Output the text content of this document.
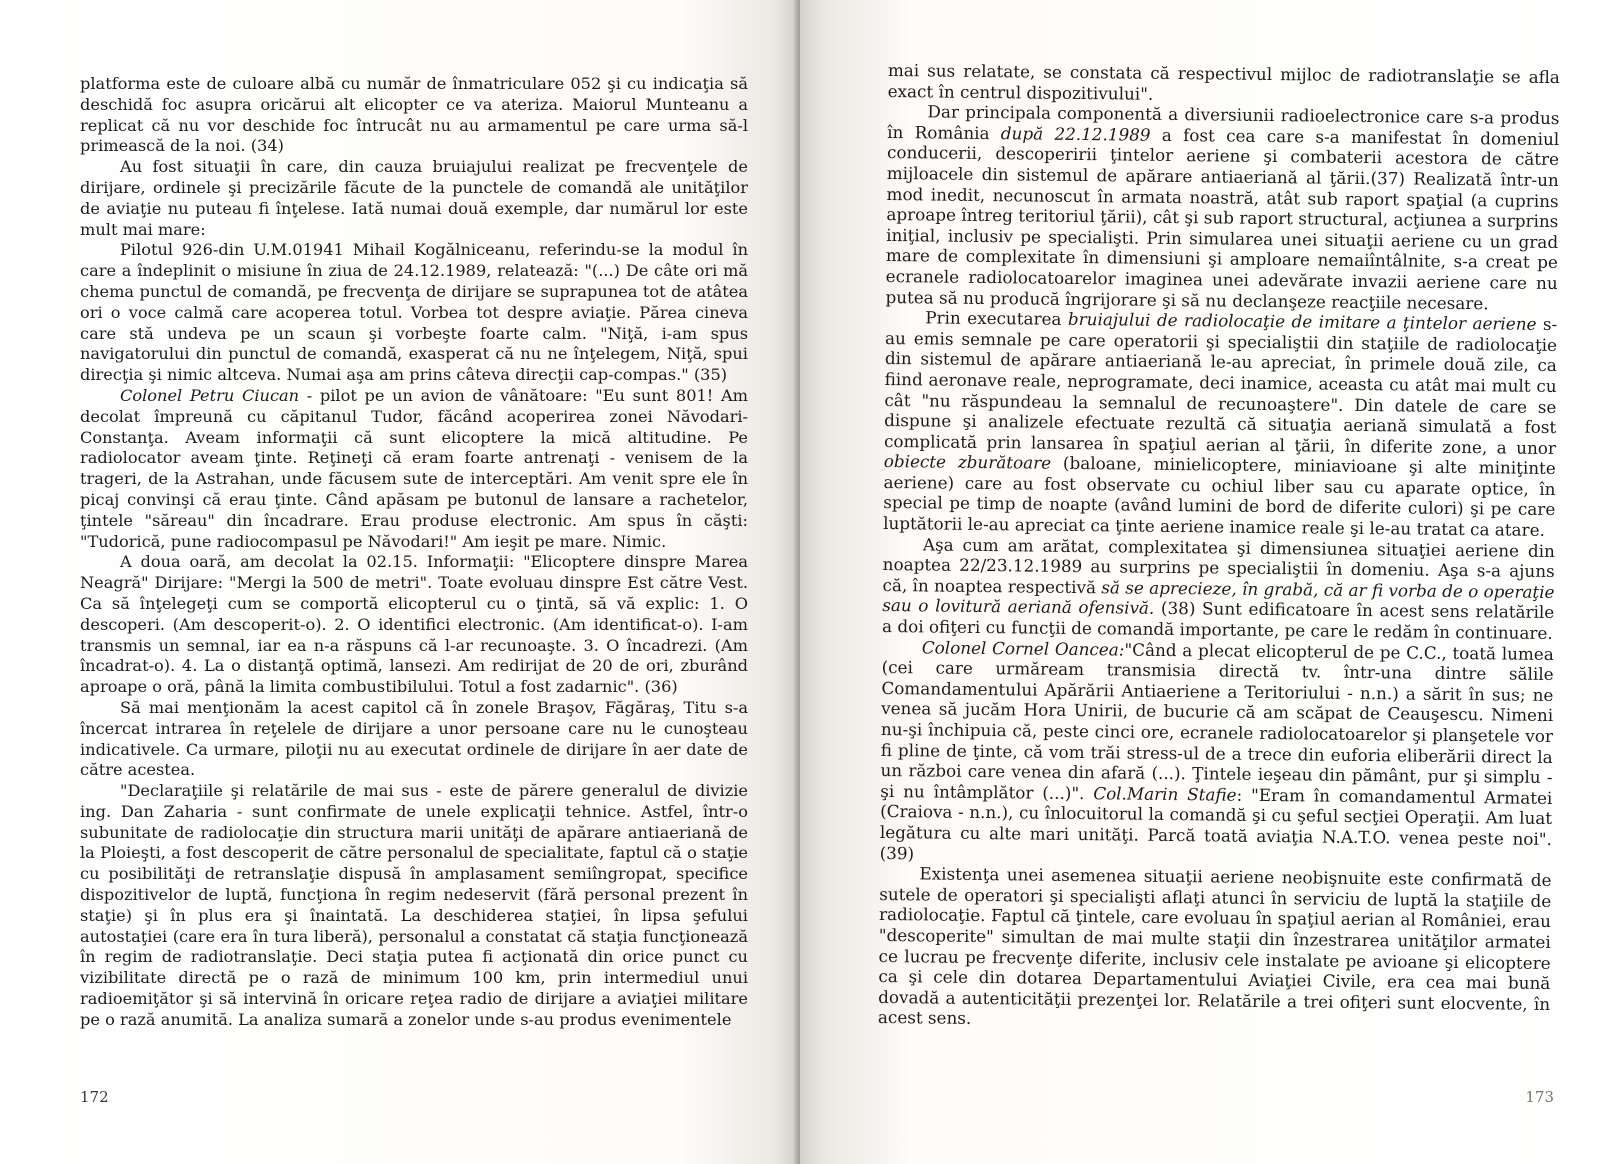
platforma este de culoare albă cu număr de înmatriculare 052 şi cu indicaţia să deschidă foc asupra oricărui alt elicopter ce va ateriza. Maiorul Munteanu a replicat că nu vor deschide foc întrucât nu au armamentul pe care urma să-l primească de la noi. (34)

Au fost situaţii în care, din cauza bruiajului realizat pe frecvenţele de dirijare, ordinele şi precizările făcute de la punctele de comandă ale unităţilor de aviaţie nu puteau fi înţelese. Iată numai două exemple, dar numărul lor este mult mai mare:

Pilotul 926-din U.M.01941 Mihail Kogălniceanu, referindu-se la modul în care a îndeplinit o misiune în ziua de 24.12.1989, relatează: "(...) De câte ori mă chema punctul de comandă, pe frecvenţa de dirijare se suprapunea tot de atâtea ori o voce calmă care acoperea totul. Vorbea tot despre aviaţie. Părea cineva care stă undeva pe un scaun şi vorbeşte foarte calm. "Niţă, i-am spus navigatorului din punctul de comandă, exasperat că nu ne înţelegem, Niţă, spui direcţia şi nimic altceva. Numai aşa am prins câteva direcţii cap-compas." (35)

Colonel Petru Ciucan - pilot pe un avion de vânătoare: "Eu sunt 801! Am decolat împreună cu căpitanul Tudor, făcând acoperirea zonei Năvodari-Constanţa. Aveam informaţii că sunt elicoptere la mică altitudine. Pe radiolocator aveam ţinte. Reţineţi că eram foarte antrenaţi - venisem de la trageri, de la Astrahan, unde făcusem sute de interceptări. Am venit spre ele în picaj convinşi că erau ţinte. Când apăsam pe butonul de lansare a rachetelor, ţintele "săreau" din încadrare. Erau produse electronic. Am spus în căşti: "Tudorică, pune radiocompasul pe Năvodari!" Am ieşit pe mare. Nimic.

A doua oară, am decolat la 02.15. Informaţii: "Elicoptere dinspre Marea Neagră" Dirijare: "Mergi la 500 de metri". Toate evoluau dinspre Est către Vest. Ca să înţelegeţi cum se comportă elicopterul cu o ţintă, să vă explic: 1. O descoperi. (Am descoperit-o). 2. O identifici electronic. (Am identificat-o). I-am transmis un semnal, iar ea n-a răspuns că l-ar recunoaşte. 3. O încadrezi. (Am încadrat-o). 4. La o distanţă optimă, lansezi. Am redirijat de 20 de ori, zburând aproape o oră, până la limita combustibilului. Totul a fost zadarnic". (36)

Să mai menţionăm la acest capitol că în zonele Braşov, Făgăraş, Titu s-a încercat intrarea în reţelele de dirijare a unor persoane care nu le cunoşteau indicativele. Ca urmare, piloţii nu au executat ordinele de dirijare în aer date de către acestea.

"Declaraţiile şi relatările de mai sus - este de părere generalul de divizie ing. Dan Zaharia - sunt confirmate de unele explicaţii tehnice. Astfel, într-o subunitate de radiolocaţie din structura marii unităţi de apărare antiaeriană de la Ploieşti, a fost descoperit de către personalul de specialitate, faptul că o staţie cu posibilităţi de retranslaţie dispusă în amplasament semiîngropat, specifice dispozitivelor de luptă, funcţiona în regim nedeservit (fără personal prezent în staţie) şi în plus era şi înaintată. La deschiderea staţiei, în lipsa şefului autostaţiei (care era în tura liberă), personalul a constatat că staţia funcţionează în regim de radiotranslaţie. Deci staţia putea fi acţionată din orice punct cu vizibilitate directă pe o rază de minimum 100 km, prin intermediul unui radioemiţător şi să intervină în oricare reţea radio de dirijare a aviaţiei militare pe o rază anumită. La analiza sumară a zonelor unde s-au produs evenimentele

172

mai sus relatate, se constata că respectivul mijloc de radiotranslaţie se afla exact în centrul dispozitivului".

Dar principala componentă a diversiunii radioelectronice care s-a produs în România după 22.12.1989 a fost cea care s-a manifestat în domeniul conducerii, descoperirii ţintelor aeriene şi combaterii acestora de către mijloacele din sistemul de apărare antiaeriană al ţării.(37) Realizată într-un mod inedit, necunoscut în armata noastră, atât sub raport spaţial (a cuprins aproape întreg teritoriul ţării), cât şi sub raport structural, acţiunea a surprins iniţial, inclusiv pe specialişti. Prin simularea unei situaţii aeriene cu un grad mare de complexitate în dimensiuni şi amploare nemaiîntâlnite, s-a creat pe ecranele radiolocatoarelor imaginea unei adevărate invazii aeriene care nu putea să nu producă îngrijorare şi să nu declanşeze reacţiile necesare.

Prin executarea bruiajului de radiolocaţie de imitare a ţintelor aeriene s-au emis semnale pe care operatorii şi specialiştii din staţiile de radiolocaţie din sistemul de apărare antiaeriană le-au apreciat, în primele două zile, ca fiind aeronave reale, neprogramate, deci inamice, aceasta cu atât mai mult cu cât "nu răspundeau la semnalul de recunoaştere". Din datele de care se dispune şi analizele efectuate rezultă că situaţia aeriană simulată a fost complicată prin lansarea în spaţiul aerian al ţării, în diferite zone, a unor obiecte zburătoare (baloane, minielicoptere, miniavioane şi alte miniţinte aeriene) care au fost observate cu ochiul liber sau cu aparate optice, în special pe timp de noapte (având lumini de bord de diferite culori) şi pe care luptătorii le-au apreciat ca ţinte aeriene inamice reale şi le-au tratat ca atare.

Aşa cum am arătat, complexitatea şi dimensiunea situaţiei aeriene din noaptea 22/23.12.1989 au surprins pe specialiştii în domeniu. Aşa s-a ajuns că, în noaptea respectivă să se aprecieze, în grabă, că ar fi vorba de o operaţie sau o lovitură aeriană ofensivă. (38) Sunt edificatoare în acest sens relatările a doi ofiţeri cu funcţii de comandă importante, pe care le redăm în continuare.

Colonel Cornel Oancea:"Când a plecat elicopterul de pe C.C., toată lumea (cei care urmăream transmisia directă tv. într-una dintre sălile Comandamentului Apărării Antiaeriene a Teritoriului - n.n.) a sărit în sus; ne venea să jucăm Hora Unirii, de bucurie că am scăpat de Ceauşescu. Nimeni nu-şi închipuia că, peste cinci ore, ecranele radiolocatoarelor şi planşetele vor fi pline de ţinte, că vom trăi stress-ul de a trece din euforia eliberării direct la un război care venea din afară (...). Ţintele ieşeau din pământ, pur şi simplu - şi nu întâmplător (...)". Col.Marin Stafie: "Eram în comandamentul Armatei (Craiova - n.n.), cu înlocuitorul la comandă şi cu şeful secţiei Operaţii. Am luat legătura cu alte mari unităţi. Parcă toată aviaţia N.A.T.O. venea peste noi". (39)

Existenţa unei asemenea situaţii aeriene neobişnuite este confirmată de sutele de operatori şi specialişti aflaţi atunci în serviciu de luptă la staţiile de radiolocaţie. Faptul că ţintele, care evoluau în spaţiul aerian al României, erau "descoperite" simultan de mai multe staţii din înzestrarea unităţilor armatei ce lucrau pe frecvenţe diferite, inclusiv cele instalate pe avioane şi elicoptere ca şi cele din dotarea Departamentului Aviaţiei Civile, era cea mai bună dovadă a autenticităţii prezenţei lor. Relatările a trei ofiţeri sunt elocvente, în acest sens.

173
